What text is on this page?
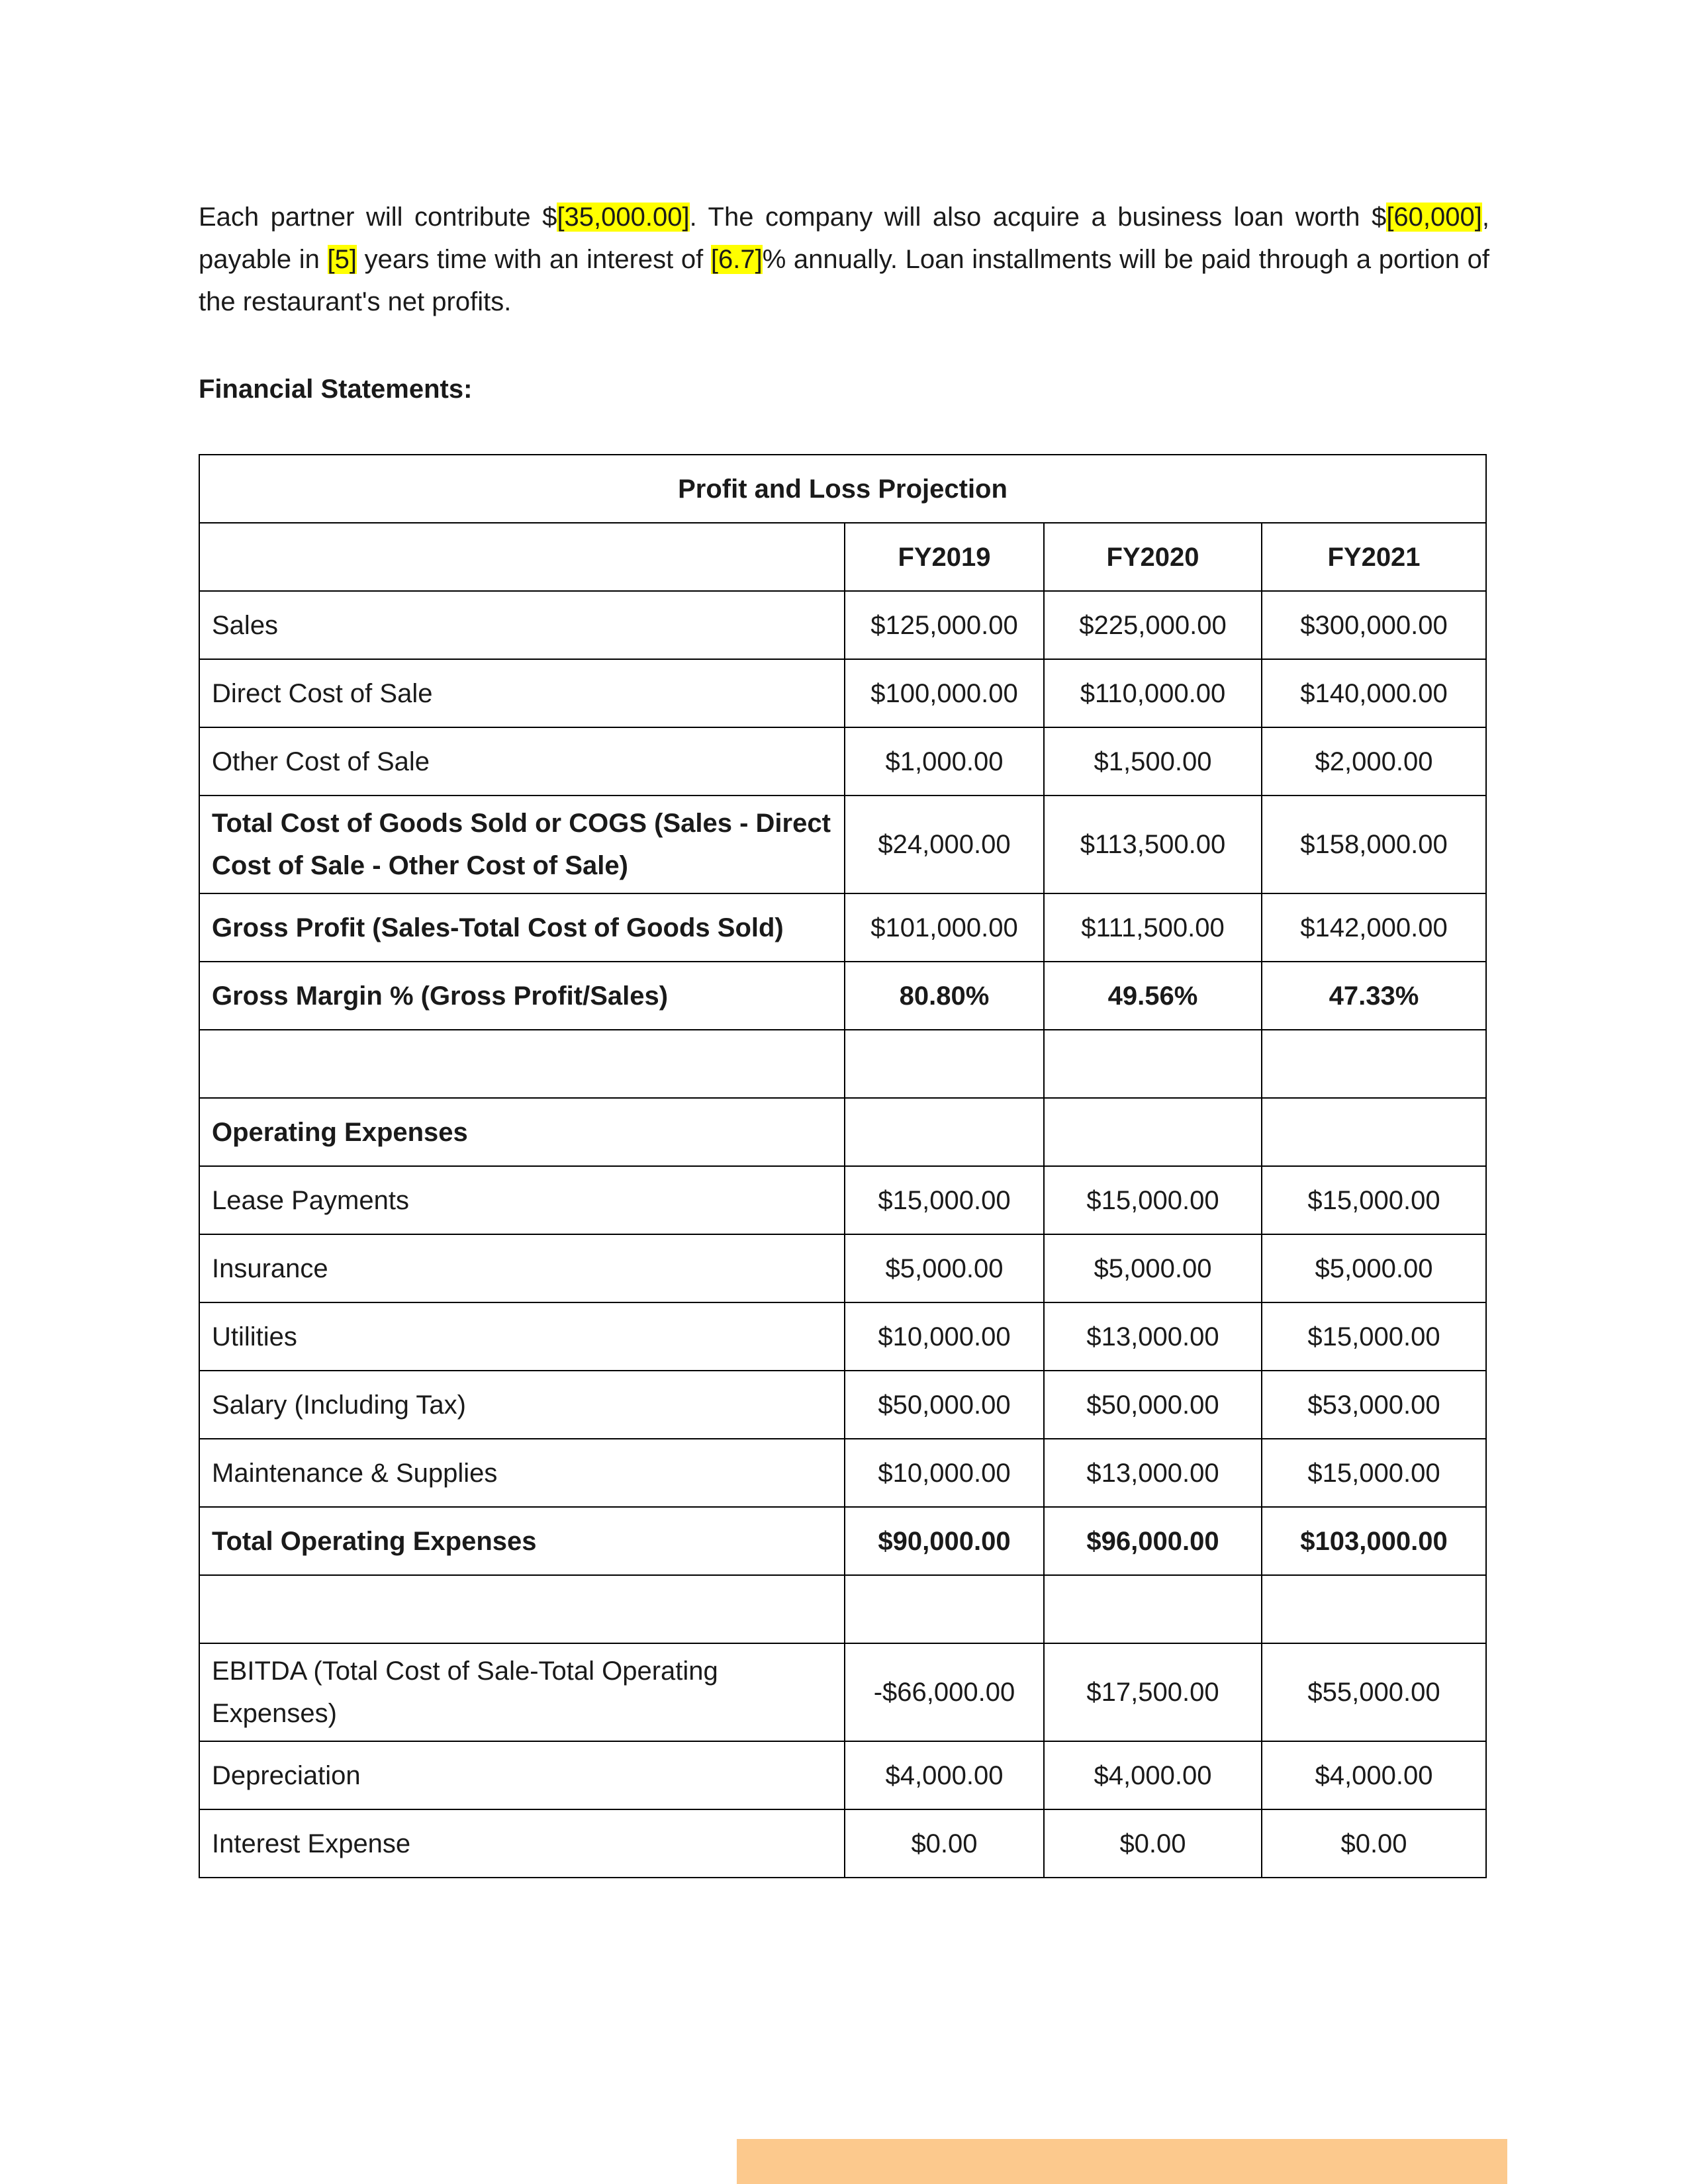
Each partner will contribute $[35,000.00]. The company will also acquire a business loan worth $[60,000], payable in [5] years time with an interest of [6.7]% annually. Loan installments will be paid through a portion of the restaurant's net profits.

Financial Statements:

Profit and Loss Projection			
	FY2019	FY2020	FY2021
Sales	$125,000.00	$225,000.00	$300,000.00
Direct Cost of Sale	$100,000.00	$110,000.00	$140,000.00
Other Cost of Sale	$1,000.00	$1,500.00	$2,000.00
Total Cost of Goods Sold or COGS (Sales - Direct Cost of Sale - Other Cost of Sale)	$24,000.00	$113,500.00	$158,000.00
Gross Profit (Sales-Total Cost of Goods Sold)	$101,000.00	$111,500.00	$142,000.00
Gross Margin % (Gross Profit/Sales)	80.80%	49.56%	47.33%

Operating Expenses			
Lease Payments	$15,000.00	$15,000.00	$15,000.00
Insurance	$5,000.00	$5,000.00	$5,000.00
Utilities	$10,000.00	$13,000.00	$15,000.00
Salary (Including Tax)	$50,000.00	$50,000.00	$53,000.00
Maintenance & Supplies	$10,000.00	$13,000.00	$15,000.00
Total Operating Expenses	$90,000.00	$96,000.00	$103,000.00

EBITDA (Total Cost of Sale-Total Operating Expenses)	-$66,000.00	$17,500.00	$55,000.00
Depreciation	$4,000.00	$4,000.00	$4,000.00
Interest Expense	$0.00	$0.00	$0.00
